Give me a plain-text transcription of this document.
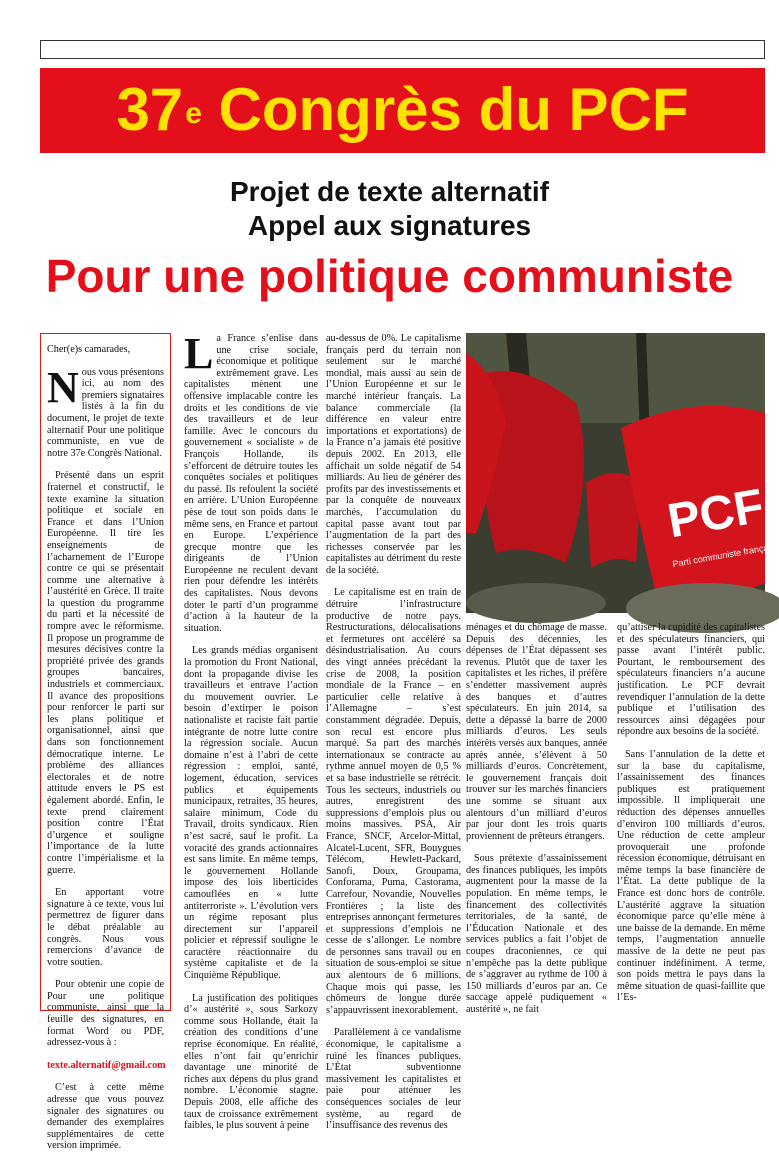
37e Congrès du PCF
Projet de texte alternatif
Appel aux signatures
Pour une politique communiste

Cher(e)s camarades,

Nous vous présentons ici, au nom des premiers signataires listés à la fin du document, le projet de texte alternatif Pour une politique communiste, en vue de notre 37e Congrès National.

Présenté dans un esprit fraternel et constructif, le texte examine la situation politique et sociale en France et dans l’Union Européenne. Il tire les enseignements de l’acharnement de l’Europe contre ce qui se présentait comme une alternative à l’austérité en Grèce. Il traite la question du programme du parti et la nécessité de rompre avec le réformisme. Il propose un programme de mesures décisives contre la propriété privée des grands groupes bancaires, industriels et commerciaux. Il avance des propositions pour renforcer le parti sur les plans politique et organisationnel, ainsi que dans son fonctionnement démocratique interne. Le problème des alliances électorales et de notre attitude envers le PS est également abordé. Enfin, le texte prend clairement position contre l’État d’urgence et souligne l’importance de la lutte contre l’impérialisme et la guerre.

En apportant votre signature à ce texte, vous lui permettrez de figurer dans le débat préalable au congrès. Nous vous remercions d’avance de votre soutien.

Pour obtenir une copie de Pour une politique communiste, ainsi que la feuille des signatures, en format Word ou PDF, adressez-vous à :

texte.alternatif@gmail.com

C’est à cette même adresse que vous pouvez signaler des signatures ou demander des exemplaires supplémentaires de cette version imprimée.

La France s’enlise dans une crise sociale, économique et politique extrêmement grave. Les capitalistes mènent une offensive implacable contre les droits et les conditions de vie des travailleurs et de leur famille. Avec le concours du gouvernement « socialiste » de François Hollande, ils s’efforcent de détruire toutes les conquêtes sociales et politiques du passé. Ils refoulent la société en arrière. L’Union Européenne pèse de tout son poids dans le même sens, en France et partout en Europe. L’expérience grecque montre que les dirigeants de l’Union Européenne ne reculent devant rien pour défendre les intérêts des capitalistes. Nous devons doter le parti d’un programme d’action à la hauteur de la situation.

Les grands médias organisent la promotion du Front National, dont la propagande divise les travailleurs et entrave l’action du mouvement ouvrier. Le besoin d’extirper le poison nationaliste et raciste fait partie intégrante de notre lutte contre la régression sociale. Aucun domaine n’est à l’abri de cette régression : emploi, santé, logement, éducation, services publics et équipements municipaux, retraites, 35 heures, salaire minimum, Code du Travail, droits syndicaux. Rien n’est sacré, sauf le profit. La voracité des grands actionnaires est sans limite. En même temps, le gouvernement Hollande impose des lois liberticides camouflées en « lutte antiterroriste ». L’évolution vers un régime reposant plus directement sur l’appareil policier et répressif souligne le caractère réactionnaire du système capitaliste et de la Cinquième République.

La justification des politiques d’« austérité », sous Sarkozy comme sous Hollande, était la création des conditions d’une reprise économique. En réalité, elles n’ont fait qu’enrichir davantage une minorité de riches aux dépens du plus grand nombre. L’économie stagne. Depuis 2008, elle affiche des taux de croissance extrêmement faibles, le plus souvent à peine

au-dessus de 0%. Le capitalisme français perd du terrain non seulement sur le marché mondial, mais aussi au sein de l’Union Européenne et sur le marché intérieur français. La balance commerciale (la différence en valeur entre importations et exportations) de la France n’a jamais été positive depuis 2002. En 2013, elle affichait un solde négatif de 54 milliards. Au lieu de générer des profits par des investissements et par la conquête de nouveaux marchés, l’accumulation du capital passe avant tout par l’augmentation de la part des richesses conservée par les capitalistes au détriment du reste de la société.

Le capitalisme est en train de détruire l’infrastructure productive de notre pays. Restructurations, délocalisations et fermetures ont accéléré sa désindustrialisation. Au cours des vingt années précédant la crise de 2008, la position mondiale de la France – en particulier celle relative à l’Allemagne – s’est constamment dégradée. Depuis, son recul est encore plus marqué. Sa part des marchés internationaux se contracte au rythme annuel moyen de 0,5 % et sa base industrielle se rétrécit. Tous les secteurs, industriels ou autres, enregistrent des suppressions d’emplois plus ou moins massives. PSA, Air France, SNCF, Arcelor-Mittal, Alcatel-Lucent, SFR, Bouygues Télécom, Hewlett-Packard, Sanofi, Doux, Groupama, Conforama, Puma, Castorama, Carrefour, Novandie, Nouvelles Frontières ; la liste des entreprises annonçant fermetures et suppressions d’emplois ne cesse de s’allonger. Le nombre de personnes sans travail ou en situation de sous-emploi se situe aux alentours de 6 millions. Chaque mois qui passe, les chômeurs de longue durée s’appauvrissent inexorablement.

Parallèlement à ce vandalisme économique, le capitalisme a ruiné les finances publiques. L’État subventionne massivement les capitalistes et paie pour atténuer les conséquences sociales de leur système, au regard de l’insuffisance des revenus des

PCF
Parti communiste français

ménages et du chômage de masse. Depuis des décennies, les dépenses de l’État dépassent ses revenus. Plutôt que de taxer les capitalistes et les riches, il préfère s’endetter massivement auprès des banques et d’autres spéculateurs. En juin 2014, sa dette a dépassé la barre de 2000 milliards d’euros. Les seuls intérêts versés aux banques, année après année, s’élèvent à 50 milliards d’euros. Concrètement, le gouvernement français doit trouver sur les marchés financiers une somme se situant aux alentours d’un milliard d’euros par jour dont les trois quarts proviennent de prêteurs étrangers.

Sous prétexte d’assainissement des finances publiques, les impôts augmentent pour la masse de la population. En même temps, le financement des collectivités territoriales, de la santé, de l’Éducation Nationale et des services publics a fait l’objet de coupes draconiennes, ce qui n’empêche pas la dette publique de s’aggraver au rythme de 100 à 150 milliards d’euros par an. Ce saccage appelé pudiquement « austérité », ne fait

qu’attiser la cupidité des capitalistes et des spéculateurs financiers, qui passe avant l’intérêt public. Pourtant, le remboursement des spéculateurs financiers n’a aucune justification. Le PCF devrait revendiquer l’annulation de la dette publique et l’utilisation des ressources ainsi dégagées pour répondre aux besoins de la société.

Sans l’annulation de la dette et sur la base du capitalisme, l’assainissement des finances publiques est pratiquement impossible. Il impliquerait une réduction des dépenses annuelles d’environ 100 milliards d’euros. Une réduction de cette ampleur provoquerait une profonde récession économique, détruisant en même temps la base financière de l’État. La dette publique de la France est donc hors de contrôle. L’austérité aggrave la situation économique parce qu’elle mène à une baisse de la demande. En même temps, l’augmentation annuelle massive de la dette ne peut pas continuer indéfiniment. A terme, son poids mettra le pays dans la même situation de quasi-faillite que l’Es-
